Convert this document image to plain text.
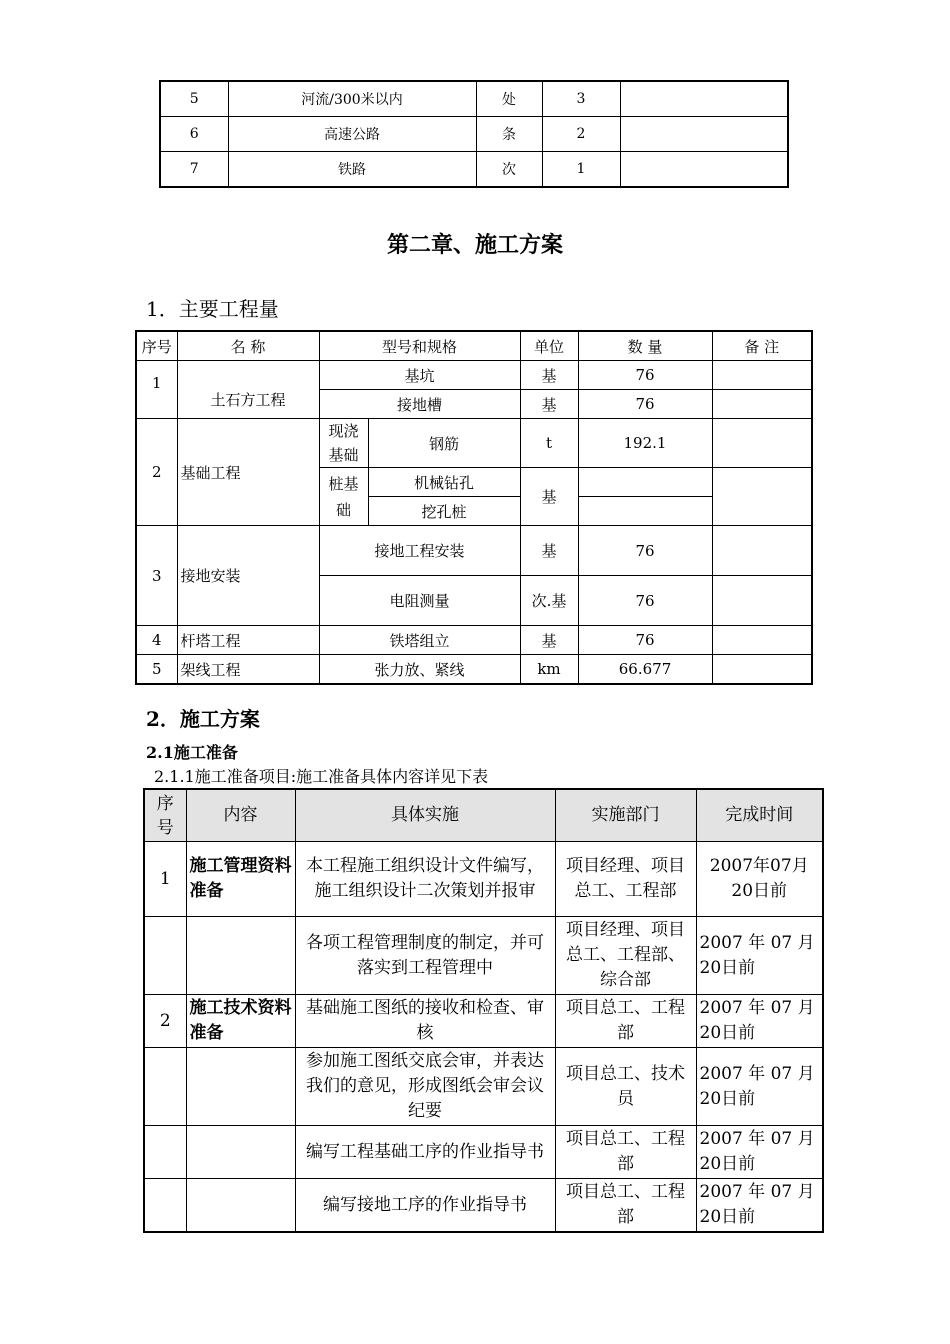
5	河流/300米以内	处	3	
6	高速公路	条	2	
7	铁路	次	1	
第二章、施工方案
1．主要工程量
序号	名 称	型号和规格		单位	数 量	备 注
1	土石方工程	基坑		基	76	
		接地槽		基	76	
2	基础工程	现浇基础	钢筋	t	192.1	
		桩基础	机械钻孔	基		
			挖孔桩			
3	接地安装	接地工程安装		基	76	
		电阻测量		次.基	76	
4	杆塔工程	铁塔组立		基	76	
5	架线工程	张力放、紧线		km	66.677	
2．施工方案
2.1施工准备
2.1.1施工准备项目:施工准备具体内容详见下表
序号	内容	具体实施	实施部门	完成时间
1	施工管理资料准备	本工程施工组织设计文件编写， 施工组织设计二次策划并报审	项目经理、项目总工、工程部	2007年07月20日前
		各项工程管理制度的制定，并可落实到工程管理中	项目经理、项目总工、工程部、综合部	2007 年 07 月20日前
2	施工技术资料准备	基础施工图纸的接收和检查、审核	项目总工、工程部	2007 年 07 月20日前
		参加施工图纸交底会审，并表达我们的意见，形成图纸会审会议纪要	项目总工、技术员	2007 年 07 月20日前
		编写工程基础工序的作业指导书	项目总工、工程部	2007 年 07 月20日前
		编写接地工序的作业指导书	项目总工、工程部	2007 年 07 月20日前
